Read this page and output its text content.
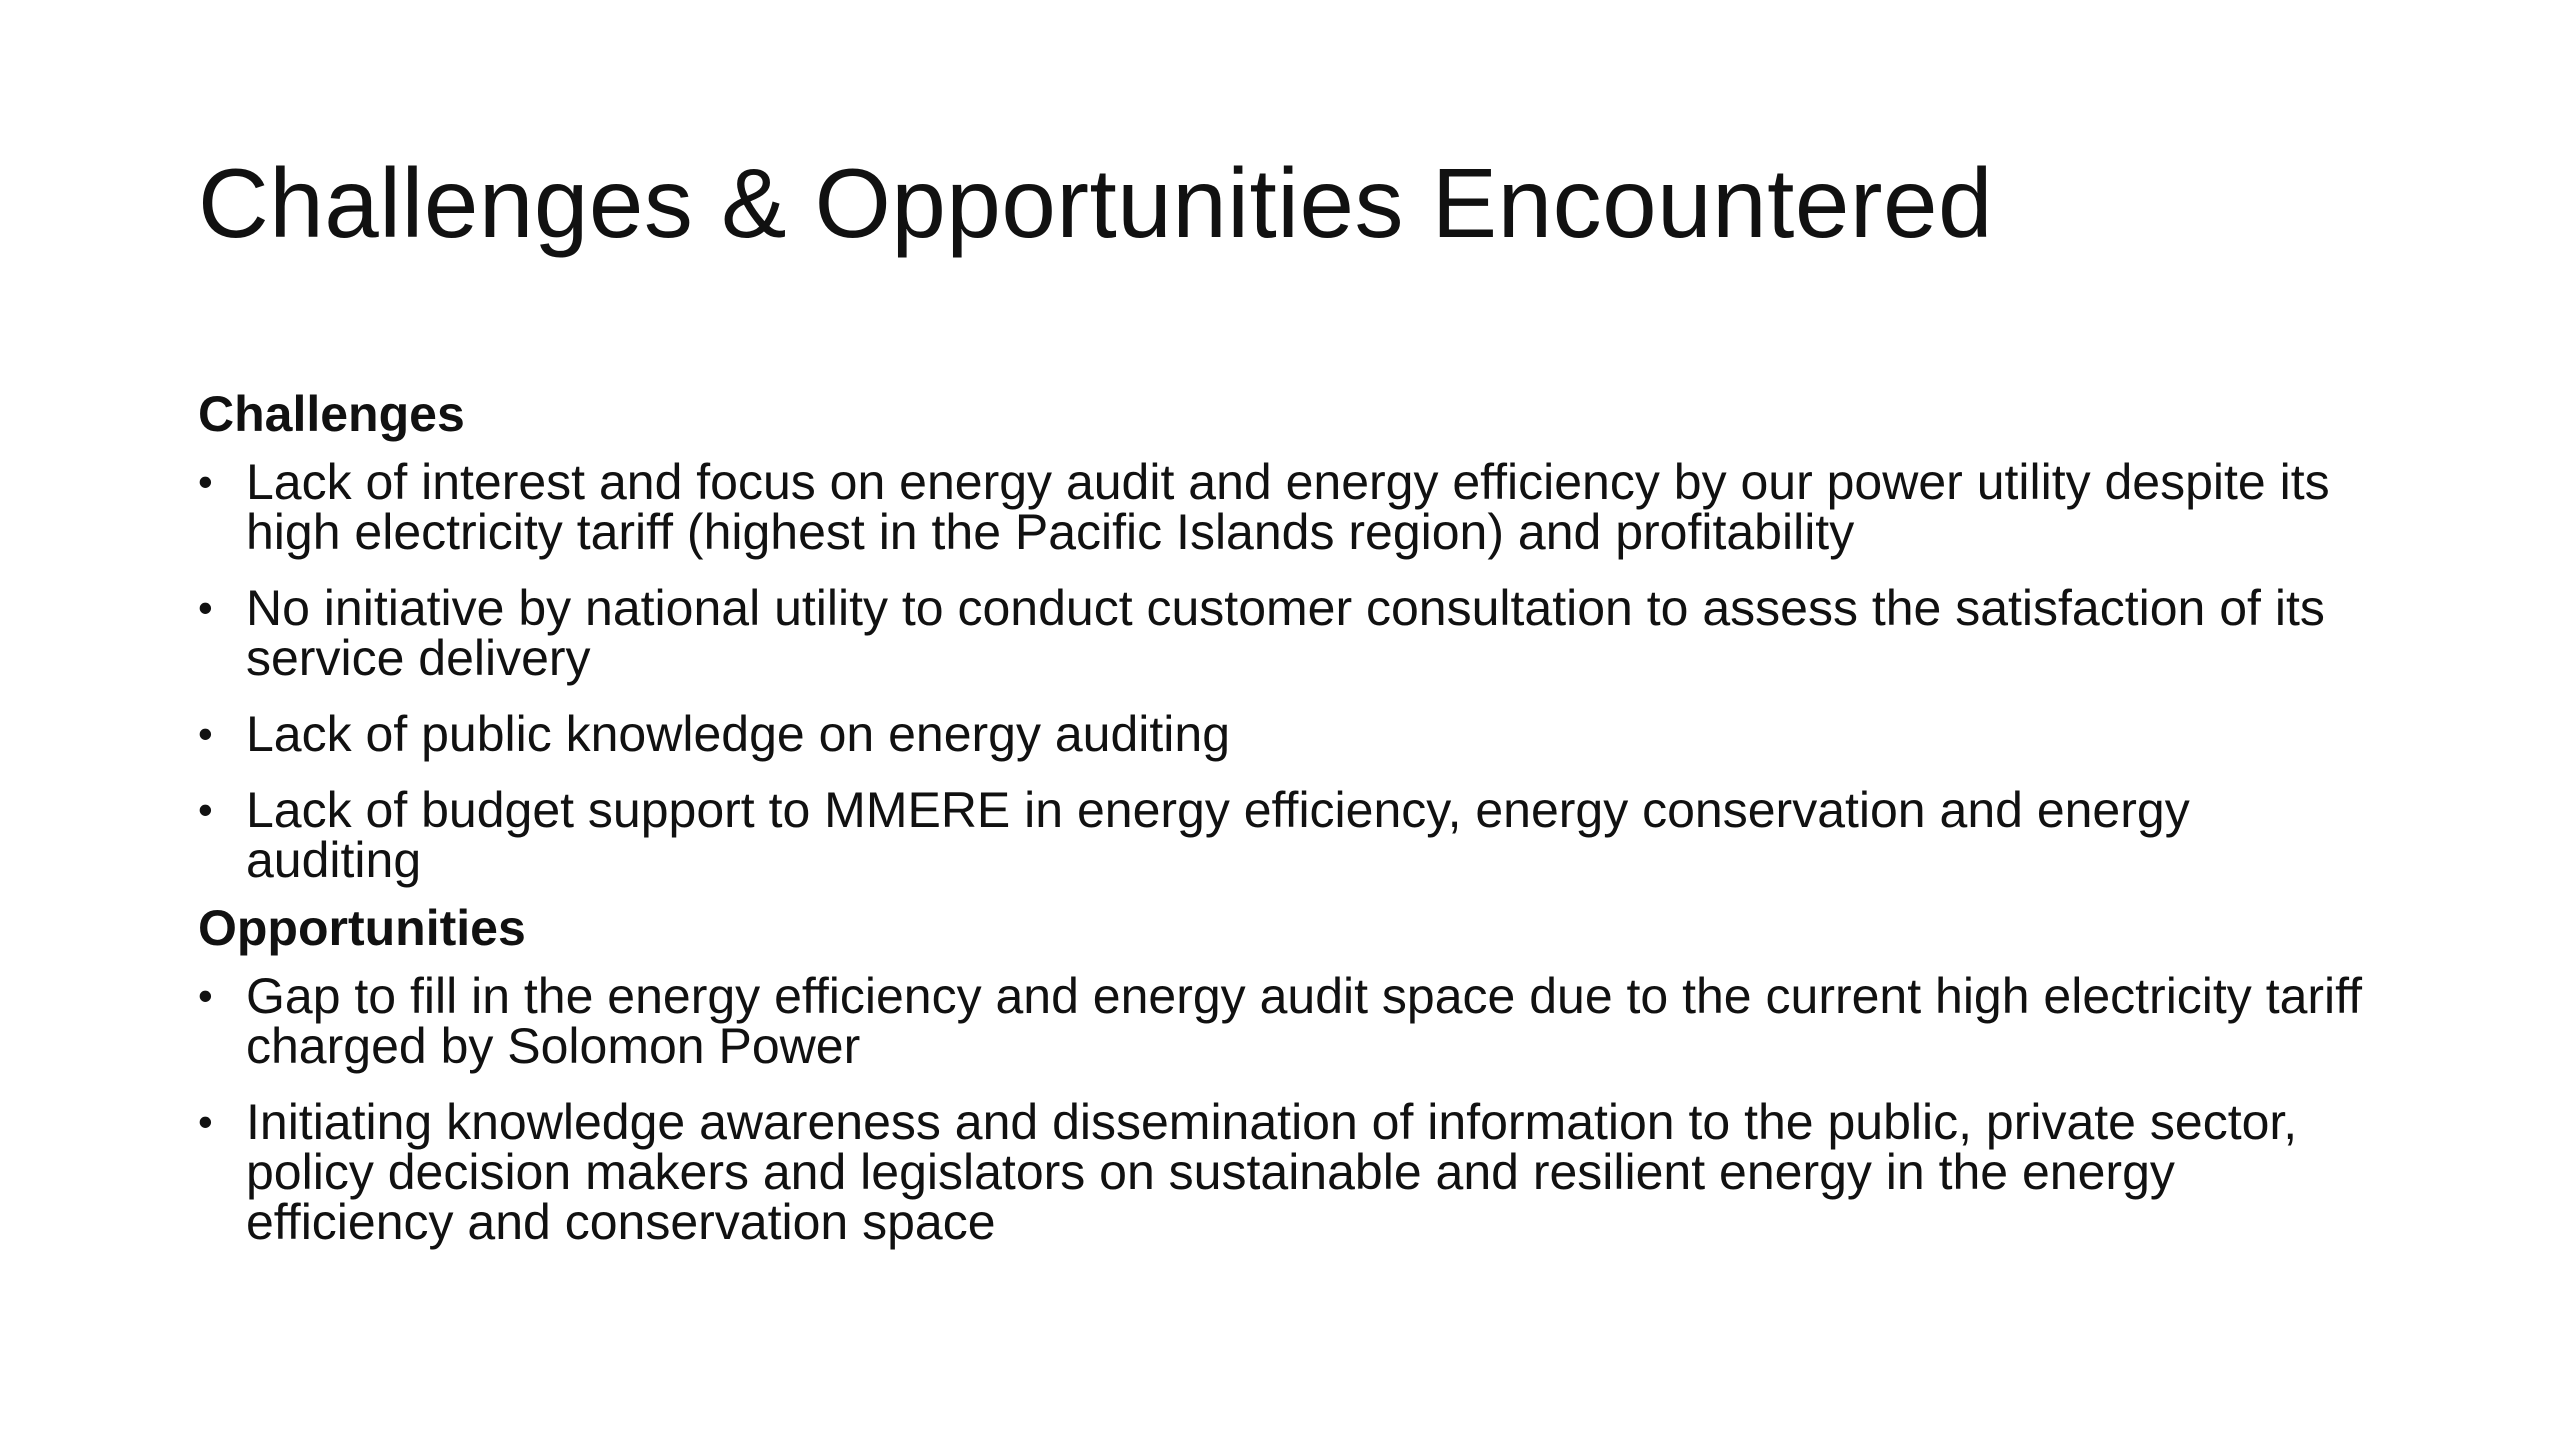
Challenges & Opportunities Encountered
Challenges
• Lack of interest and focus on energy audit and energy efficiency by our power utility despite its high electricity tariff (highest in the Pacific Islands region) and profitability
• No initiative by national utility to conduct customer consultation to assess the satisfaction of its service delivery
• Lack of public knowledge on energy auditing
• Lack of budget support to MMERE in energy efficiency, energy conservation and energy auditing
Opportunities
• Gap to fill in the energy efficiency and energy audit space due to the current high electricity tariff charged by Solomon Power
• Initiating knowledge awareness and dissemination of information to the public, private sector, policy decision makers and legislators on sustainable and resilient energy in the energy efficiency and conservation space
